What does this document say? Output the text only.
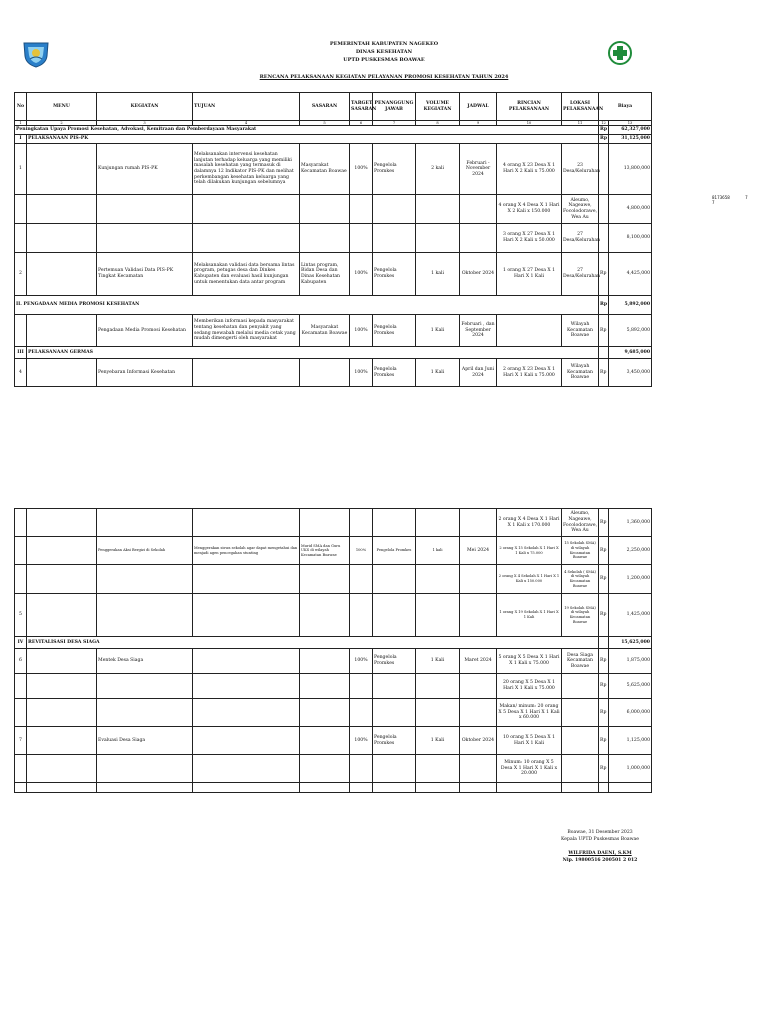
PEMERINTAH KABUPATEN NAGEKEO
DINAS KESEHATAN
UPTD PUSKESMAS BOAWAE
RENCANA PELAKSANAAN KEGIATAN PELAYANAN PROMOSI KESEHATAN TAHUN 2024
8173658	7 7
No	MENU	KEGIATAN	TUJUAN	SASARAN	TARGET SASARAN	PENANGGUNG JAWAB	VOLUME KEGIATAN	JADWAL	RINCIAN PELAKSANAAN	LOKASI PELAKSANAAN	Biaya	
1	2	3	4	5	6	7	8	9	10	11	12	13
Peningkatan Upaya Promosi Kesehatan, Advokasi, Kemitraan dan Pemberdayaan Masyarakat											Rp	62,327,000
I	PELAKSANAAN PIS-PK										Rp	31,125,000
1		Kunjungan rumah PIS-PK	Melaksanakan intervensi kesehatan lanjutan terhadap keluarga yang memiliki masalah kesehatan yang termasuk di dalamnya 12 Indikator PIS-PK dan melihat perkembangan kesehatan keluarga yang telah dilakukan kunjungan sebelumnya	Masyarakat Kecamatan Boawae	100%	Pengelola Promkes	2 kali	Februari - November 2024	4 orang X 23 Desa X 1 Hari X 2 Kali x 75.000	23 Desa/Kelurahan		13,800,000
									4 orang X 4 Desa X 1 Hari X 2 Kali x 150.000	Aleumo, Nageawe, Focolodorawe, Wea Au		4,800,000
									3 orang X 27 Desa X 1 Hari X 2 Kali x 50.000	27 Desa/Kelurahan		8,100,000
2		Pertemuan Validasi Data PIS-PK Tingkat Kecamatan	Melaksanakan validasi data bersama lintas program, petugas desa dan Dinkes Kabupaten dan evaluasi hasil kunjungan untuk menentukan data antar program	Lintas program, Bidan Desa dan Dinas Kesehatan Kabupaten	100%	Pengelola Promkes	1 kali	Oktober 2024	1 orang X 27 Desa X 1 Hari X 1 Kali	27 Desa/Kelurahan	Rp	4,425,000
II. PENGADAAN MEDIA PROMOSI KESEHATAN											Rp	5,892,000
		Pengadaan Media Promosi Kesehatan	Memberikan informasi kepada masyarakat tentang kesehatan dan penyakit yang sedang mewabah melalui media cetak yang mudah dimengerti oleh masyarakat	Masyarakat Kecamatan Boawae	100%	Pengelola Promkes	1 Kali	Februari , dan September 2024		Wilayah Kecamatan Boawae	Rp	5,892,000
III	PELAKSANAAN GERMAS											9,685,000
4		Penyebaran Informasi Kesehatan			100%	Pengelola Promkes	1 Kali	April dan Juni 2024	2 orang X 23 Desa X 1 Hari X 1 Kali x 75.000	Wilayah Kecamatan Boawae	Rp	3,450,000
									2 orang X 4 Desa X 1 Hari X 1 Kali x 170.000	Aleumo, Nageawe, Focolodorawe, Wea Au	Rp	1,360,000
		Penggerakan Aksi Bergizi di Sekolah	Menggerakan siswa sekolah agar dapat mengetahui dan menjadi agen pencegahan stunting	Murid SMA dan Guru UKS di wilayah Kecamatan Boawae	100%	Pengelola Promkes	1 kali	Mei 2024	2 orang X 15 Sekolah X 1 Hari X 1 Kali x 75.000	15 Sekolah SMA) di wilayah Kecamatan Boawae	Rp	2,250,000
									2 orang X 4 Sekolah X 1 Hari X 1 Kali x 150.000	4 Sekolah ( SMA) di wilayah Kecamatan Boawae	Rp	1,200,000
5									1 orang X 19 Sekolah X 1 Hari X 1 Kali	19 Sekolah SMA) di wilayah Kecamatan Boawae	Rp	1,425,000
IV	REVITALISASI DESA SIAGA											15,625,000
6		Mentek Desa Siaga			100%	Pengelola Promkes	1 Kali	Maret 2024	5 orang X 5 Desa X 1 Hari X 1 Kali x 75.000	Desa Siaga Kecamatan Boawae	Rp	1,875,000
									20 orang X 5 Desa X 1 Hari X 1 Kali x 75.000		Rp	5,625,000
									Makan/ minum: 20 orang X 5 Desa X 1 Hari X 1 Kali x 60.000		Rp	6,000,000
7		Evaluasi Desa Siaga			100%	Pengelola Promkes	1 Kali	Oktober 2024	10 orang X 5 Desa X 1 Hari X 1 Kali		Rp	1,125,000
									Minum: 10 orang X 5 Desa X 1 Hari X 1 Kali x 20.000		Rp	1,000,000

Boawae, 31 Desember 2023
Kepala UPTD Puskesmas Boawae
WILFRIDA DAENI, S.KM
Nip. 19800516 200501 2 012
